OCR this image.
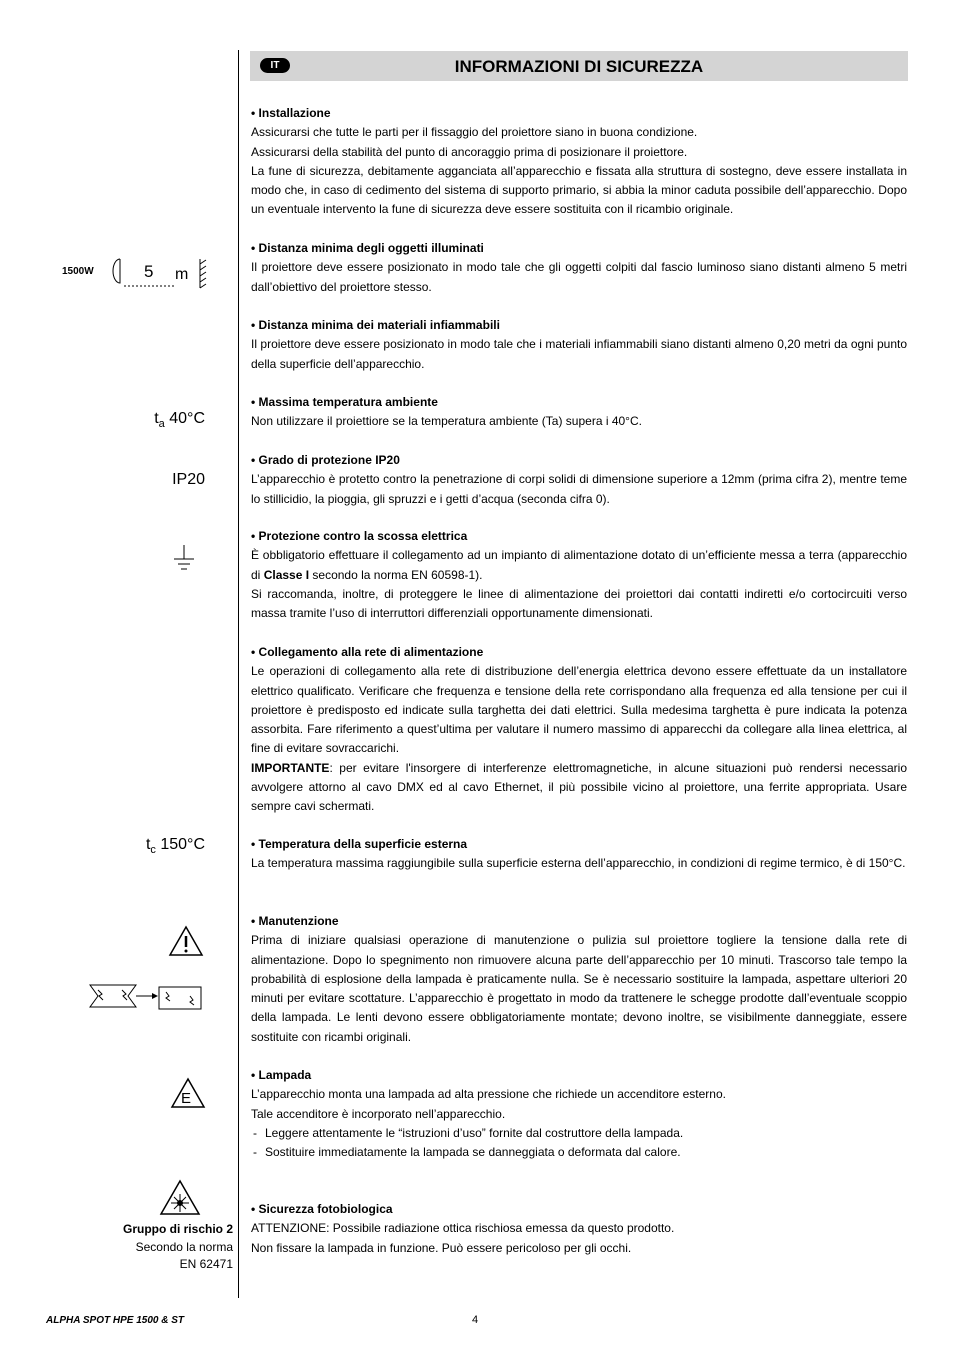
IT	INFORMAZIONI DI SICUREZZA
1500W	5 m
$t_a$ 40°C
IP20
$t_c$ 150°C
E
Gruppo di rischio 2
Secondo la norma
EN 62471
• Installazione

Assicurarsi che tutte le parti per il fissaggio del proiettore siano in buona condizione.

Assicurarsi della stabilità del punto di ancoraggio prima di posizionare il proiettore.

La fune di sicurezza, debitamente agganciata all’apparecchio e fissata alla struttura di sostegno, deve essere installata in modo che, in caso di cedimento del sistema di supporto primario, si abbia la minor caduta possibile dell’apparecchio. Dopo un eventuale intervento la fune di sicurezza deve essere sostituita con il ricambio originale.

• Distanza minima degli oggetti illuminati

Il proiettore deve essere posizionato in modo tale che gli oggetti colpiti dal fascio luminoso siano distanti almeno 5 metri dall’obiettivo del proiettore stesso.

• Distanza minima dei materiali infiammabili

Il proiettore deve essere posizionato in modo tale che i materiali infiammabili siano distanti almeno 0,20 metri da ogni punto della superficie dell’apparecchio.

• Massima temperatura ambiente

Non utilizzare il proiettiore se la temperatura ambiente (Ta) supera i 40°C.

• Grado di protezione IP20

L’apparecchio è protetto contro la penetrazione di corpi solidi di dimensione superiore a 12mm (prima cifra 2), mentre teme lo stillicidio, la pioggia, gli spruzzi e i getti d’acqua (seconda cifra 0).

• Protezione contro la scossa elettrica

È obbligatorio effettuare il collegamento ad un impianto di alimentazione dotato di un’efficiente messa a terra (apparecchio di Classe I secondo la norma EN 60598-1).

Si raccomanda, inoltre, di proteggere le linee di alimentazione dei proiettori dai contatti indiretti e/o cortocircuiti verso massa tramite l’uso di interruttori differenziali opportunamente dimensionati.

• Collegamento alla rete di alimentazione

Le operazioni di collegamento alla rete di distribuzione dell’energia elettrica devono essere effettuate da un installatore elettrico qualificato. Verificare che frequenza e tensione della rete corrispondano alla frequenza ed alla tensione per cui il proiettore è predisposto ed indicate sulla targhetta dei dati elettrici. Sulla medesima targhetta è pure indicata la potenza assorbita. Fare riferimento a quest’ultima per valutare il numero massimo di apparecchi da collegare alla linea elettrica, al fine di evitare sovraccarichi.

IMPORTANTE: per evitare l'insorgere di interferenze elettromagnetiche, in alcune situazioni può rendersi necessario avvolgere attorno al cavo DMX ed al cavo Ethernet, il più possibile vicino al proiettore, una ferrite appropriata. Usare sempre cavi schermati.

• Temperatura della superficie esterna

La temperatura massima raggiungibile sulla superficie esterna dell’apparecchio, in condizioni di regime termico, è di 150°C.

• Manutenzione

Prima di iniziare qualsiasi operazione di manutenzione o pulizia sul proiettore togliere la tensione dalla rete di alimentazione. Dopo lo spegnimento non rimuovere alcuna parte dell’apparecchio per 10 minuti. Trascorso tale tempo la probabilità di esplosione della lampada è praticamente nulla. Se è necessario sostituire la lampada, aspettare ulteriori 20 minuti per evitare scottature. L’apparecchio è progettato in modo da trattenere le schegge prodotte dall’eventuale scoppio della lampada. Le lenti devono essere obbligatoriamente montate; devono inoltre, se visibilmente danneggiate, essere sostituite con ricambi originali.

• Lampada

L’apparecchio monta una lampada ad alta pressione che richiede un accenditore esterno.

Tale accenditore è incorporato nell’apparecchio.

- Leggere attentamente le “istruzioni d’uso” fornite dal costruttore della lampada.
- Sostituire immediatamente la lampada se danneggiata o deformata dal calore.
• Sicurezza fotobiologica

ATTENZIONE: Possibile radiazione ottica rischiosa emessa da questo prodotto.

Non fissare la lampada in funzione. Può essere pericoloso per gli occhi.

ALPHA SPOT HPE 1500 & ST	4
